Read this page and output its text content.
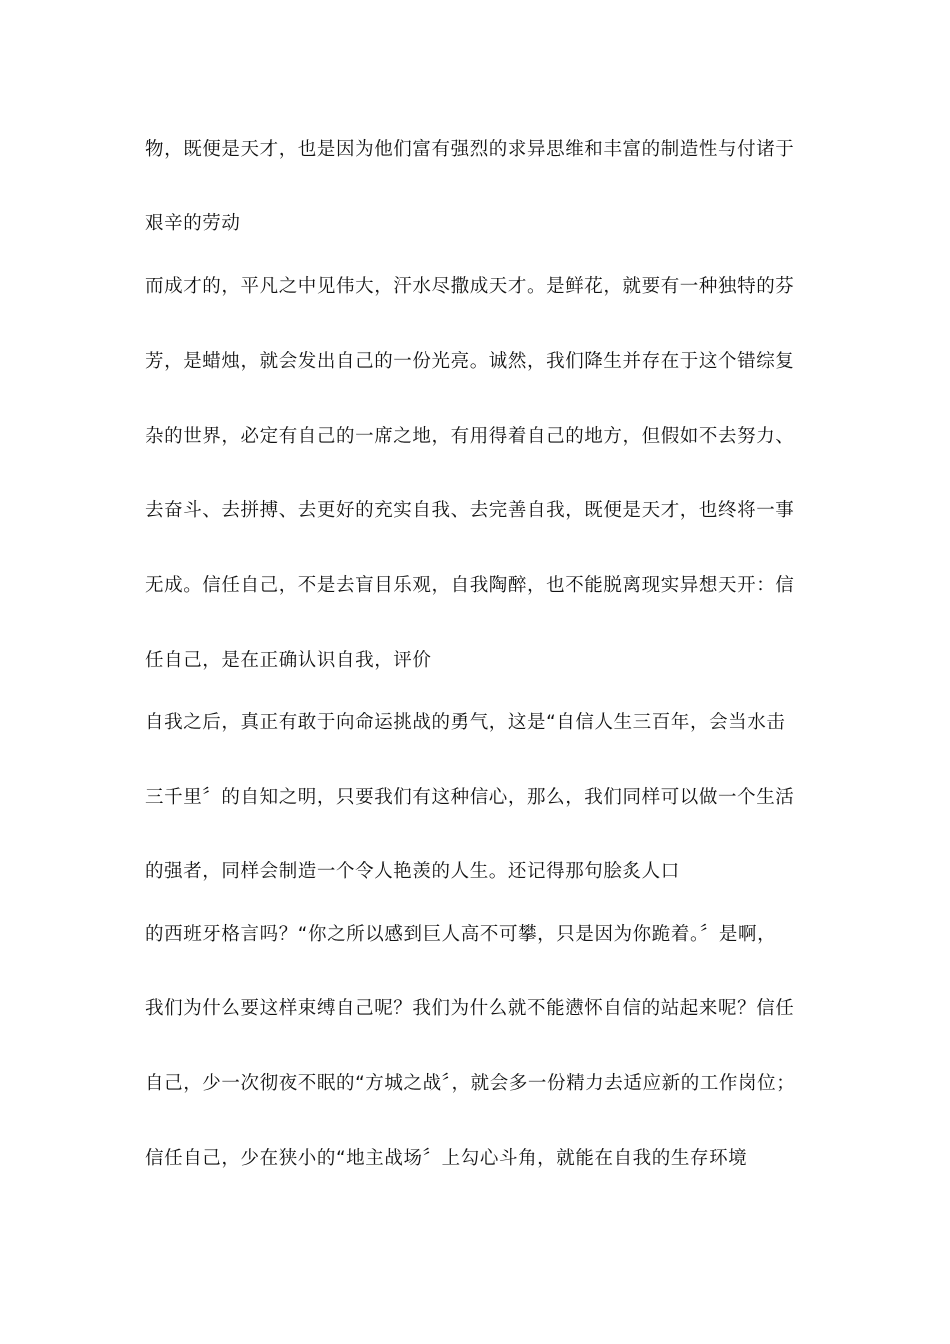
物，既便是天才，也是因为他们富有强烈的求异思维和丰富的制造性与付诸于
艰辛的劳动
而成才的，平凡之中见伟大，汗水尽撒成天才。是鲜花，就要有一种独特的芬
芳，是蜡烛，就会发出自己的一份光亮。诚然，我们降生并存在于这个错综复
杂的世界，必定有自己的一席之地，有用得着自己的地方，但假如不去努力、
去奋斗、去拼搏、去更好的充实自我、去完善自我，既便是天才，也终将一事
无成。信任自己，不是去盲目乐观，自我陶醉，也不能脱离现实异想天开：信
任自己，是在正确认识自我，评价
自我之后，真正有敢于向命运挑战的勇气，这是“自信人生三百年，会当水击
三千里〞的自知之明，只要我们有这种信心，那么，我们同样可以做一个生活
的强者，同样会制造一个令人艳羡的人生。还记得那句脍炙人口
的西班牙格言吗？“你之所以感到巨人高不可攀，只是因为你跪着。〞是啊，
我们为什么要这样束缚自己呢？我们为什么就不能懑怀自信的站起来呢？信任
自己，少一次彻夜不眠的“方城之战〞，就会多一份精力去适应新的工作岗位；
信任自己，少在狭小的“地主战场〞上勾心斗角，就能在自我的生存环境
